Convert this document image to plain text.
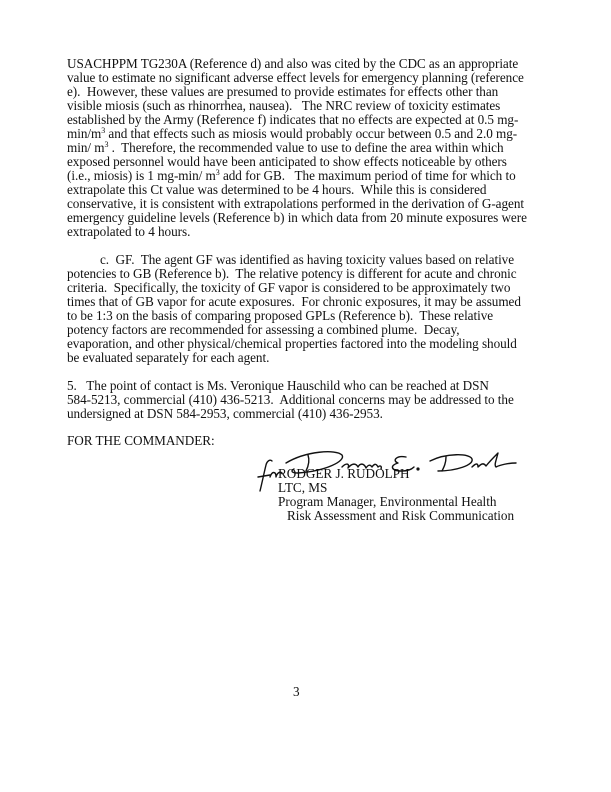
USACHPPM TG230A (Reference d) and also was cited by the CDC as an appropriate
value to estimate no significant adverse effect levels for emergency planning (reference
e).  However, these values are presumed to provide estimates for effects other than
visible miosis (such as rhinorrhea, nausea).   The NRC review of toxicity estimates
established by the Army (Reference f) indicates that no effects are expected at 0.5 mg-
$\min/m^3$ and that effects such as miosis would probably occur between 0.5 and 2.0 mg-
min/ $m^3$ .  Therefore, the recommended value to use to define the area within which
exposed personnel would have been anticipated to show effects noticeable by others
(i.e., miosis) is 1 mg-min/ $m^3$ add for GB.   The maximum period of time for which to
extrapolate this Ct value was determined to be 4 hours.  While this is considered
conservative, it is consistent with extrapolations performed in the derivation of G-agent
emergency guideline levels (Reference b) in which data from 20 minute exposures were
extrapolated to 4 hours.
c.  GF.  The agent GF was identified as having toxicity values based on relative
potencies to GB (Reference b).  The relative potency is different for acute and chronic
criteria.  Specifically, the toxicity of GF vapor is considered to be approximately two
times that of GB vapor for acute exposures.  For chronic exposures, it may be assumed
to be 1:3 on the basis of comparing proposed GPLs (Reference b).  These relative
potency factors are recommended for assessing a combined plume.  Decay,
evaporation, and other physical/chemical properties factored into the modeling should
be evaluated separately for each agent.
5.   The point of contact is Ms. Veronique Hauschild who can be reached at DSN
584-5213, commercial (410) 436-5213.  Additional concerns may be addressed to the
undersigned at DSN 584-2953, commercial (410) 436-2953.
FOR THE COMMANDER:
RODGER J. RUDOLPH
LTC, MS
Program Manager, Environmental Health
Risk Assessment and Risk Communication
3
